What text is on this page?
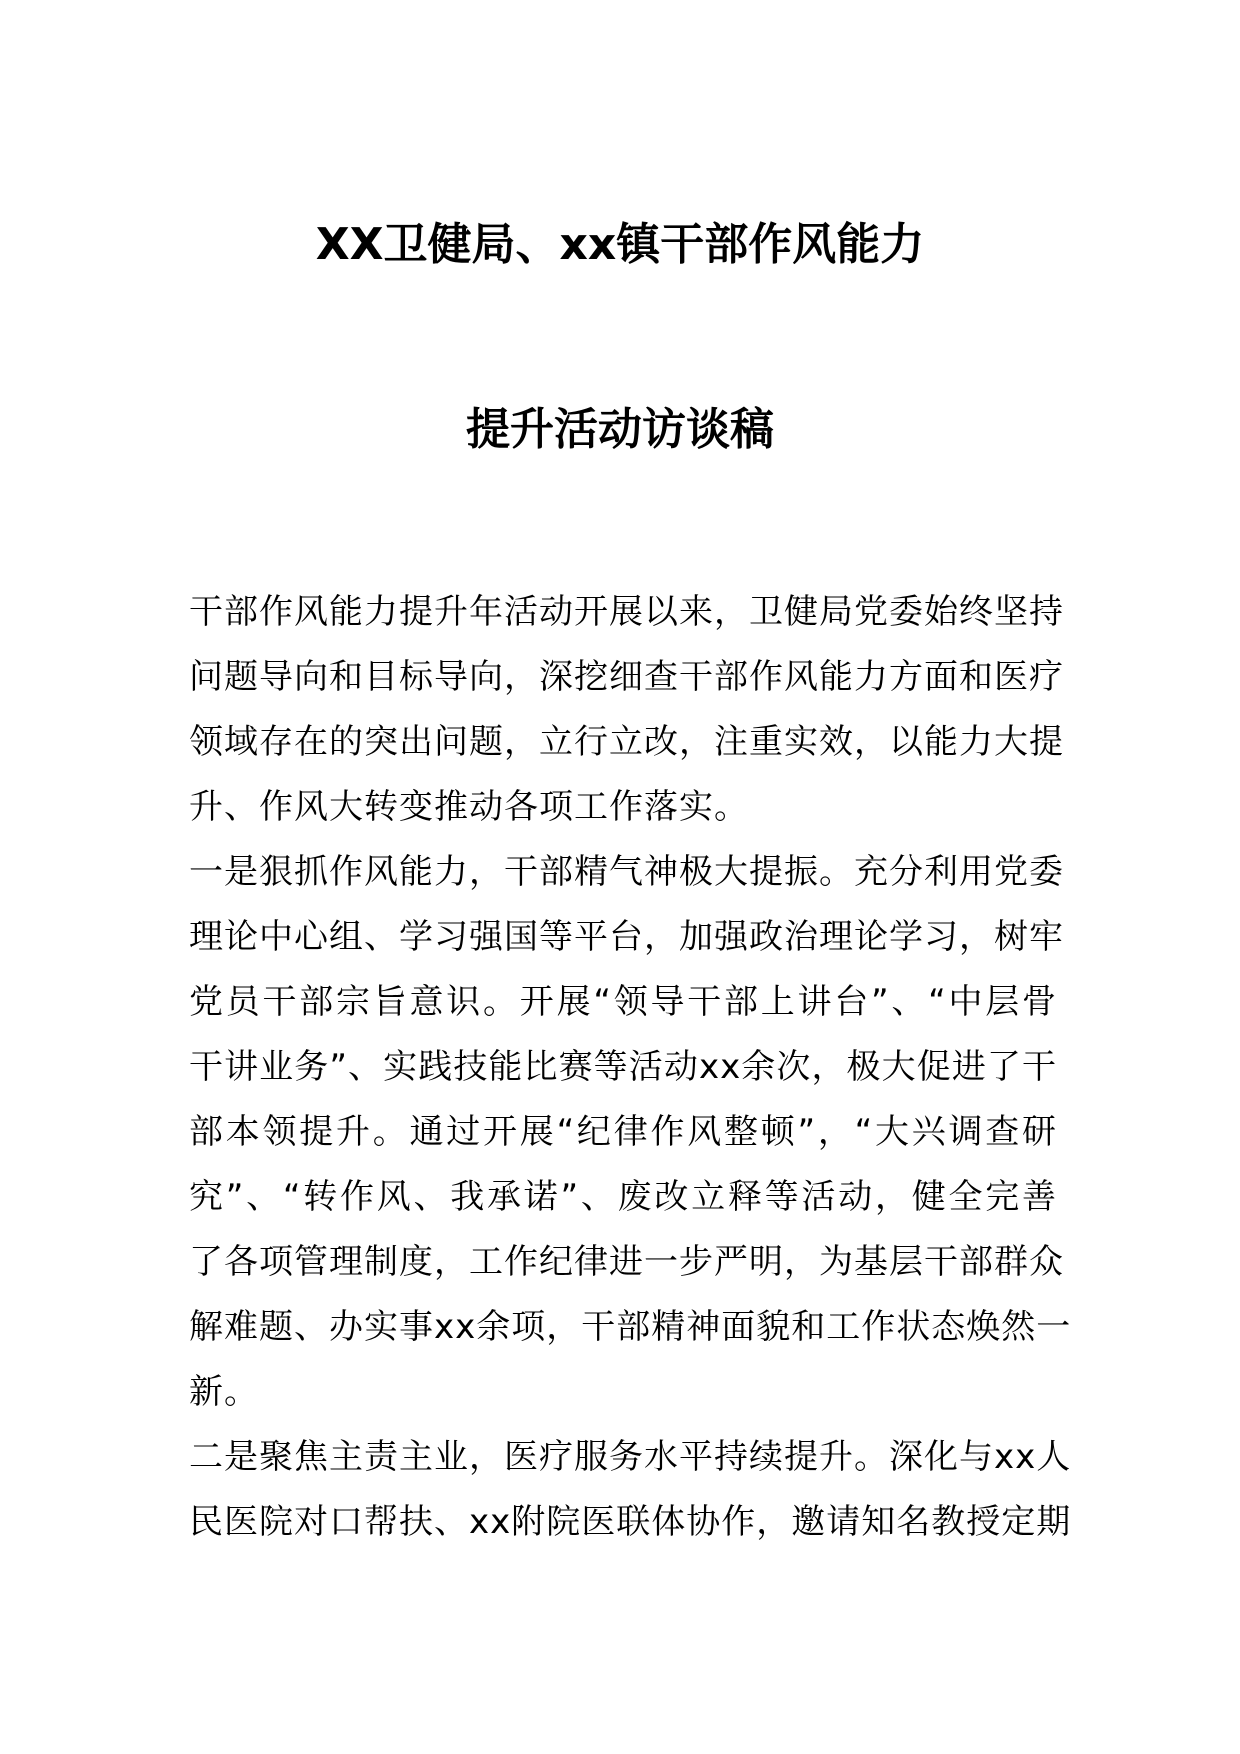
XX卫健局、xx镇干部作风能力
提升活动访谈稿
干部作风能力提升年活动开展以来，卫健局党委始终坚持
问题导向和目标导向，深挖细查干部作风能力方面和医疗
领域存在的突出问题，立行立改，注重实效，以能力大提
升、作风大转变推动各项工作落实。
一是狠抓作风能力，干部精气神极大提振。充分利用党委
理论中心组、学习强国等平台，加强政治理论学习，树牢
党员干部宗旨意识。开展“领导干部上讲台”、“中层骨
干讲业务”、实践技能比赛等活动xx余次，极大促进了干
部本领提升。通过开展“纪律作风整顿”，“大兴调查研
究”、“转作风、我承诺”、废改立释等活动，健全完善
了各项管理制度，工作纪律进一步严明，为基层干部群众
解难题、办实事xx余项，干部精神面貌和工作状态焕然一
新。
二是聚焦主责主业，医疗服务水平持续提升。深化与xx人
民医院对口帮扶、xx附院医联体协作，邀请知名教授定期
